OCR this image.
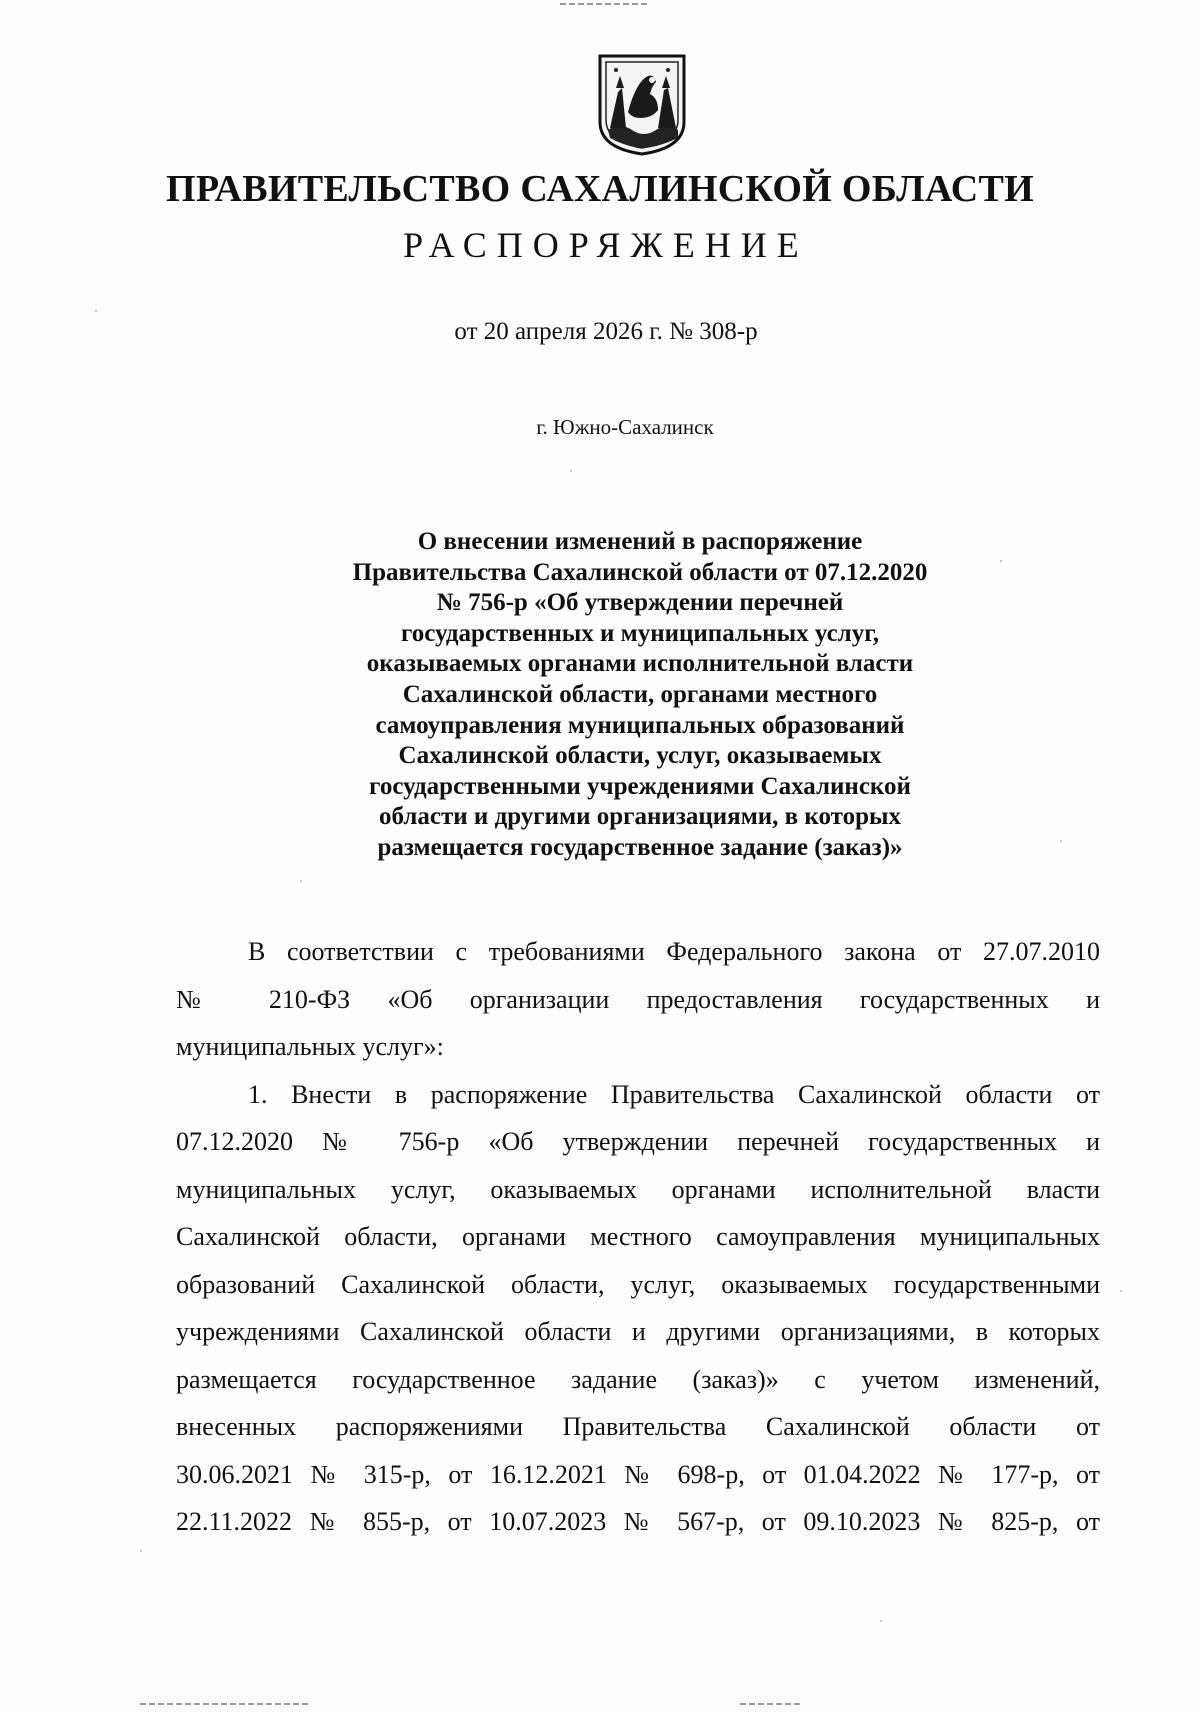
ПРАВИТЕЛЬСТВО САХАЛИНСКОЙ ОБЛАСТИ
РАСПОРЯЖЕНИЕ
от 20 апреля 2026 г. № 308-р
г. Южно-Сахалинск
О внесении изменений в распоряжение
Правительства Сахалинской области от 07.12.2020
№ 756-р «Об утверждении перечней
государственных и муниципальных услуг,
оказываемых органами исполнительной власти
Сахалинской области, органами местного
самоуправления муниципальных образований
Сахалинской области, услуг, оказываемых
государственными учреждениями Сахалинской
области и другими организациями, в которых
размещается государственное задание (заказ)»
В соответствии с требованиями Федерального закона от 27.07.2010
№ 210-ФЗ «Об организации предоставления государственных и
муниципальных услуг»:
1. Внести в распоряжение Правительства Сахалинской области от
07.12.2020 № 756-р «Об утверждении перечней государственных и
муниципальных услуг, оказываемых органами исполнительной власти
Сахалинской области, органами местного самоуправления муниципальных
образований Сахалинской области, услуг, оказываемых государственными
учреждениями Сахалинской области и другими организациями, в которых
размещается государственное задание (заказ)» с учетом изменений,
внесенных распоряжениями Правительства Сахалинской области от
30.06.2021 № 315-р, от 16.12.2021 № 698-р, от 01.04.2022 № 177-р, от
22.11.2022 № 855-р, от 10.07.2023 № 567-р, от 09.10.2023 № 825-р, от
